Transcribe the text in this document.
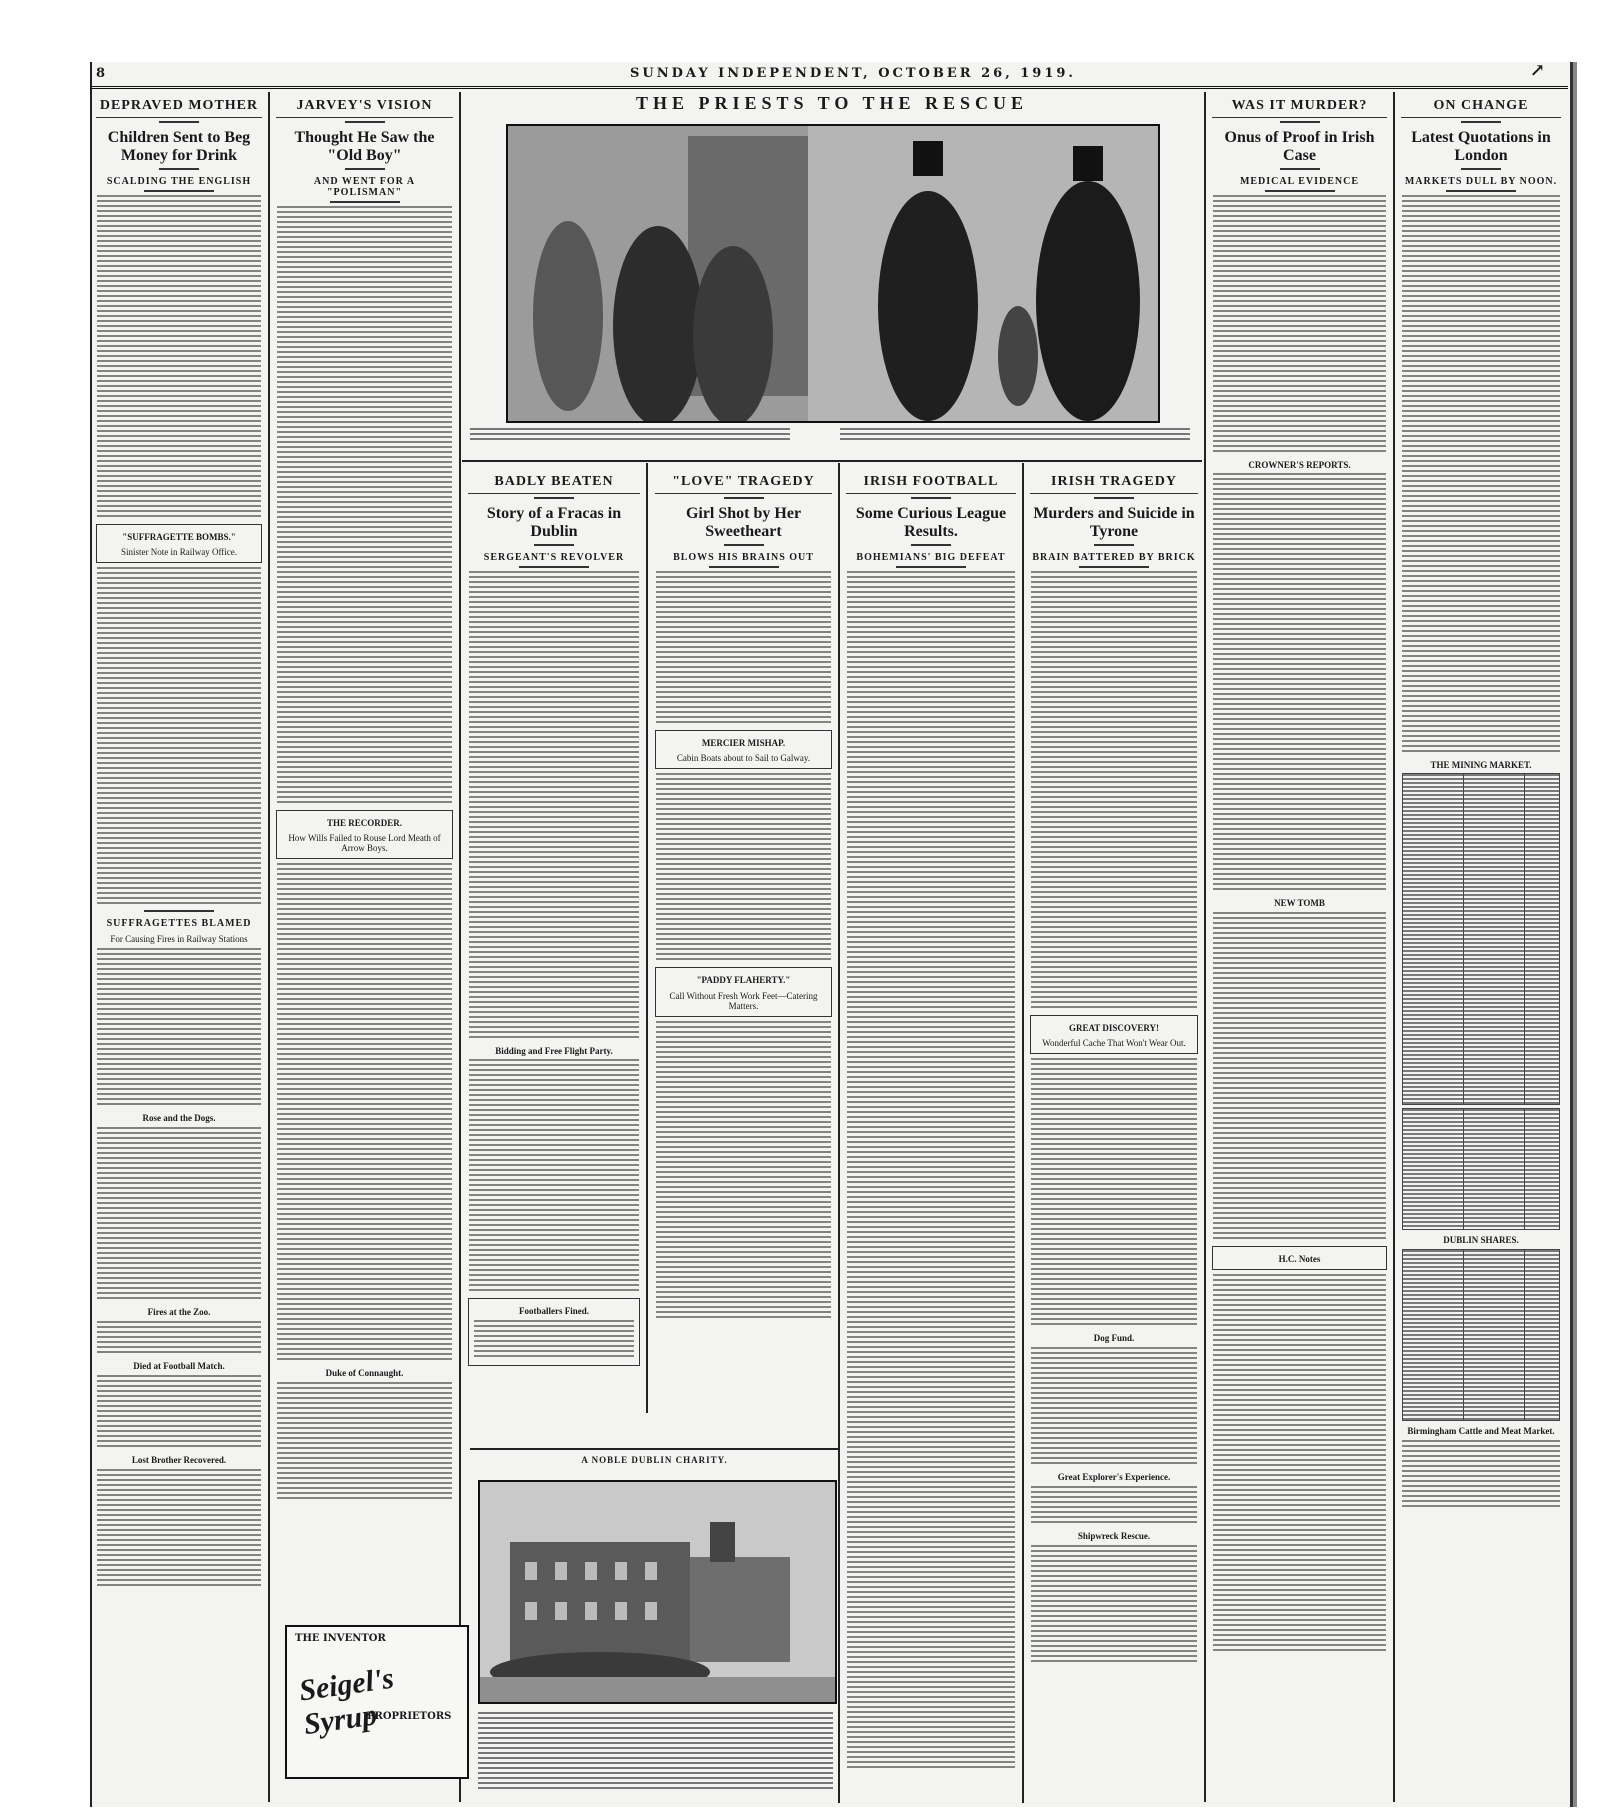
8	SUNDAY INDEPENDENT, OCTOBER 26, 1919.	↗
DEPRAVED MOTHER
Children Sent to Beg Money for Drink
SCALDING THE ENGLISH
"SUFFRAGETTE BOMBS."
Sinister Note in Railway Office.
SUFFRAGETTES BLAMED
For Causing Fires in Railway Stations
Rose and the Dogs.
Fires at the Zoo.
Died at Football Match.
Lost Brother Recovered.
JARVEY'S VISION
Thought He Saw the "Old Boy"
AND WENT FOR A "POLISMAN"
THE RECORDER.
How Wills Failed to Rouse Lord Meath of Arrow Boys.
Duke of Connaught.
THE INVENTOR
Seigel's Syrup
PROPRIETORS
THE PRIESTS TO THE RESCUE
BADLY BEATEN
Story of a Fracas in Dublin
SERGEANT'S REVOLVER
Bidding and Free Flight Party.
Footballers Fined.
"LOVE" TRAGEDY
Girl Shot by Her Sweetheart
BLOWS HIS BRAINS OUT
MERCIER MISHAP.
Cabin Boats about to Sail to Galway.
"PADDY FLAHERTY."
Call Without Fresh Work Feet—Catering Matters.
IRISH FOOTBALL
Some Curious League Results.
BOHEMIANS' BIG DEFEAT
IRISH TRAGEDY
Murders and Suicide in Tyrone
BRAIN BATTERED BY BRICK
GREAT DISCOVERY!
Wonderful Cache That Won't Wear Out.
Dog Fund.
Great Explorer's Experience.
Shipwreck Rescue.
A NOBLE DUBLIN CHARITY.
WAS IT MURDER?
Onus of Proof in Irish Case
MEDICAL EVIDENCE
CROWNER'S REPORTS.
NEW TOMB
H.C. Notes
ON CHANGE
Latest Quotations in London
MARKETS DULL BY NOON.
THE MINING MARKET.
DUBLIN SHARES.
Birmingham Cattle and Meat Market.
